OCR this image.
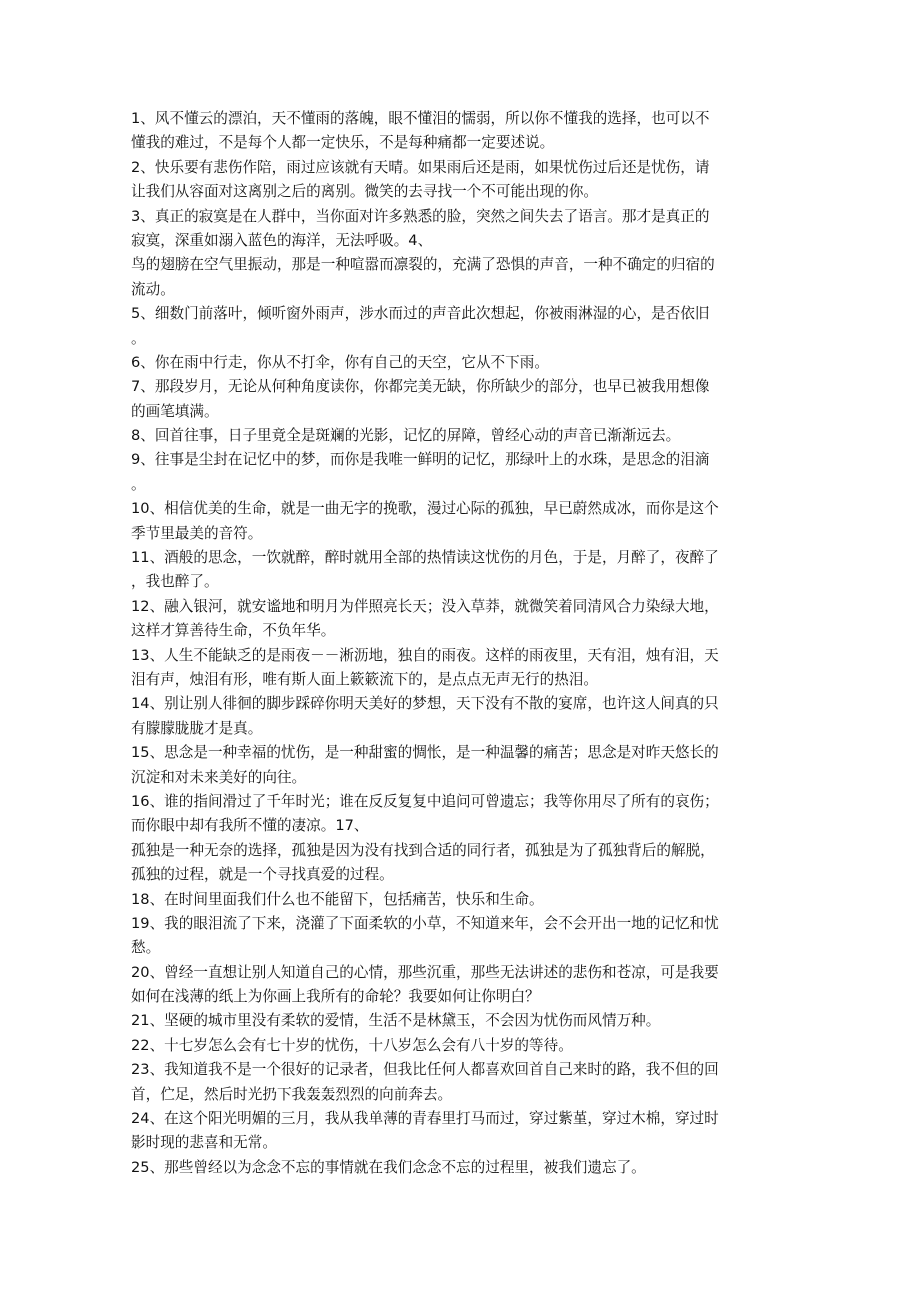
1、风不懂云的漂泊，天不懂雨的落魄，眼不懂泪的懦弱，所以你不懂我的选择，也可以不
懂我的难过，不是每个人都一定快乐，不是每种痛都一定要述说。
2、快乐要有悲伤作陪，雨过应该就有天晴。如果雨后还是雨，如果忧伤过后还是忧伤，请
让我们从容面对这离别之后的离别。微笑的去寻找一个不可能出现的你。
3、真正的寂寞是在人群中，当你面对许多熟悉的脸，突然之间失去了语言。那才是真正的
寂寞，深重如溺入蓝色的海洋，无法呼吸。4、
鸟的翅膀在空气里振动，那是一种喧嚣而凛裂的，充满了恐惧的声音，一种不确定的归宿的
流动。
5、细数门前落叶，倾听窗外雨声，涉水而过的声音此次想起，你被雨淋湿的心，是否依旧
。
6、你在雨中行走，你从不打伞，你有自己的天空，它从不下雨。
7、那段岁月，无论从何种角度读你，你都完美无缺，你所缺少的部分，也早已被我用想像
的画笔填满。
8、回首往事，日子里竟全是斑斓的光影，记忆的屏障，曾经心动的声音已渐渐远去。
9、往事是尘封在记忆中的梦，而你是我唯一鲜明的记忆，那绿叶上的水珠，是思念的泪滴
。
10、相信优美的生命，就是一曲无字的挽歌，漫过心际的孤独，早已蔚然成冰，而你是这个
季节里最美的音符。
11、酒般的思念，一饮就醉，醉时就用全部的热情读这忧伤的月色，于是，月醉了，夜醉了
，我也醉了。
12、融入银河，就安谧地和明月为伴照亮长天；没入草莽，就微笑着同清风合力染绿大地，
这样才算善待生命，不负年华。
13、人生不能缺乏的是雨夜－－淅沥地，独自的雨夜。这样的雨夜里，天有泪，烛有泪，天
泪有声，烛泪有形，唯有斯人面上簌簌流下的，是点点无声无行的热泪。
14、别让别人徘徊的脚步踩碎你明天美好的梦想，天下没有不散的宴席，也许这人间真的只
有朦朦胧胧才是真。
15、思念是一种幸福的忧伤，是一种甜蜜的惆怅，是一种温馨的痛苦；思念是对昨天悠长的
沉淀和对未来美好的向往。
16、谁的指间滑过了千年时光；谁在反反复复中追问可曾遗忘；我等你用尽了所有的哀伤；
而你眼中却有我所不懂的凄凉。17、
孤独是一种无奈的选择，孤独是因为没有找到合适的同行者，孤独是为了孤独背后的解脱，
孤独的过程，就是一个寻找真爱的过程。
18、在时间里面我们什么也不能留下，包括痛苦，快乐和生命。
19、我的眼泪流了下来，浇灌了下面柔软的小草，不知道来年，会不会开出一地的记忆和忧
愁。
20、曾经一直想让别人知道自己的心情，那些沉重，那些无法讲述的悲伤和苍凉，可是我要
如何在浅薄的纸上为你画上我所有的命轮？我要如何让你明白？
21、坚硬的城市里没有柔软的爱情，生活不是林黛玉，不会因为忧伤而风情万种。
22、十七岁怎么会有七十岁的忧伤，十八岁怎么会有八十岁的等待。
23、我知道我不是一个很好的记录者，但我比任何人都喜欢回首自己来时的路，我不但的回
首，伫足，然后时光扔下我轰轰烈烈的向前奔去。
24、在这个阳光明媚的三月，我从我单薄的青春里打马而过，穿过紫堇，穿过木棉，穿过时
影时现的悲喜和无常。
25、那些曾经以为念念不忘的事情就在我们念念不忘的过程里，被我们遗忘了。
